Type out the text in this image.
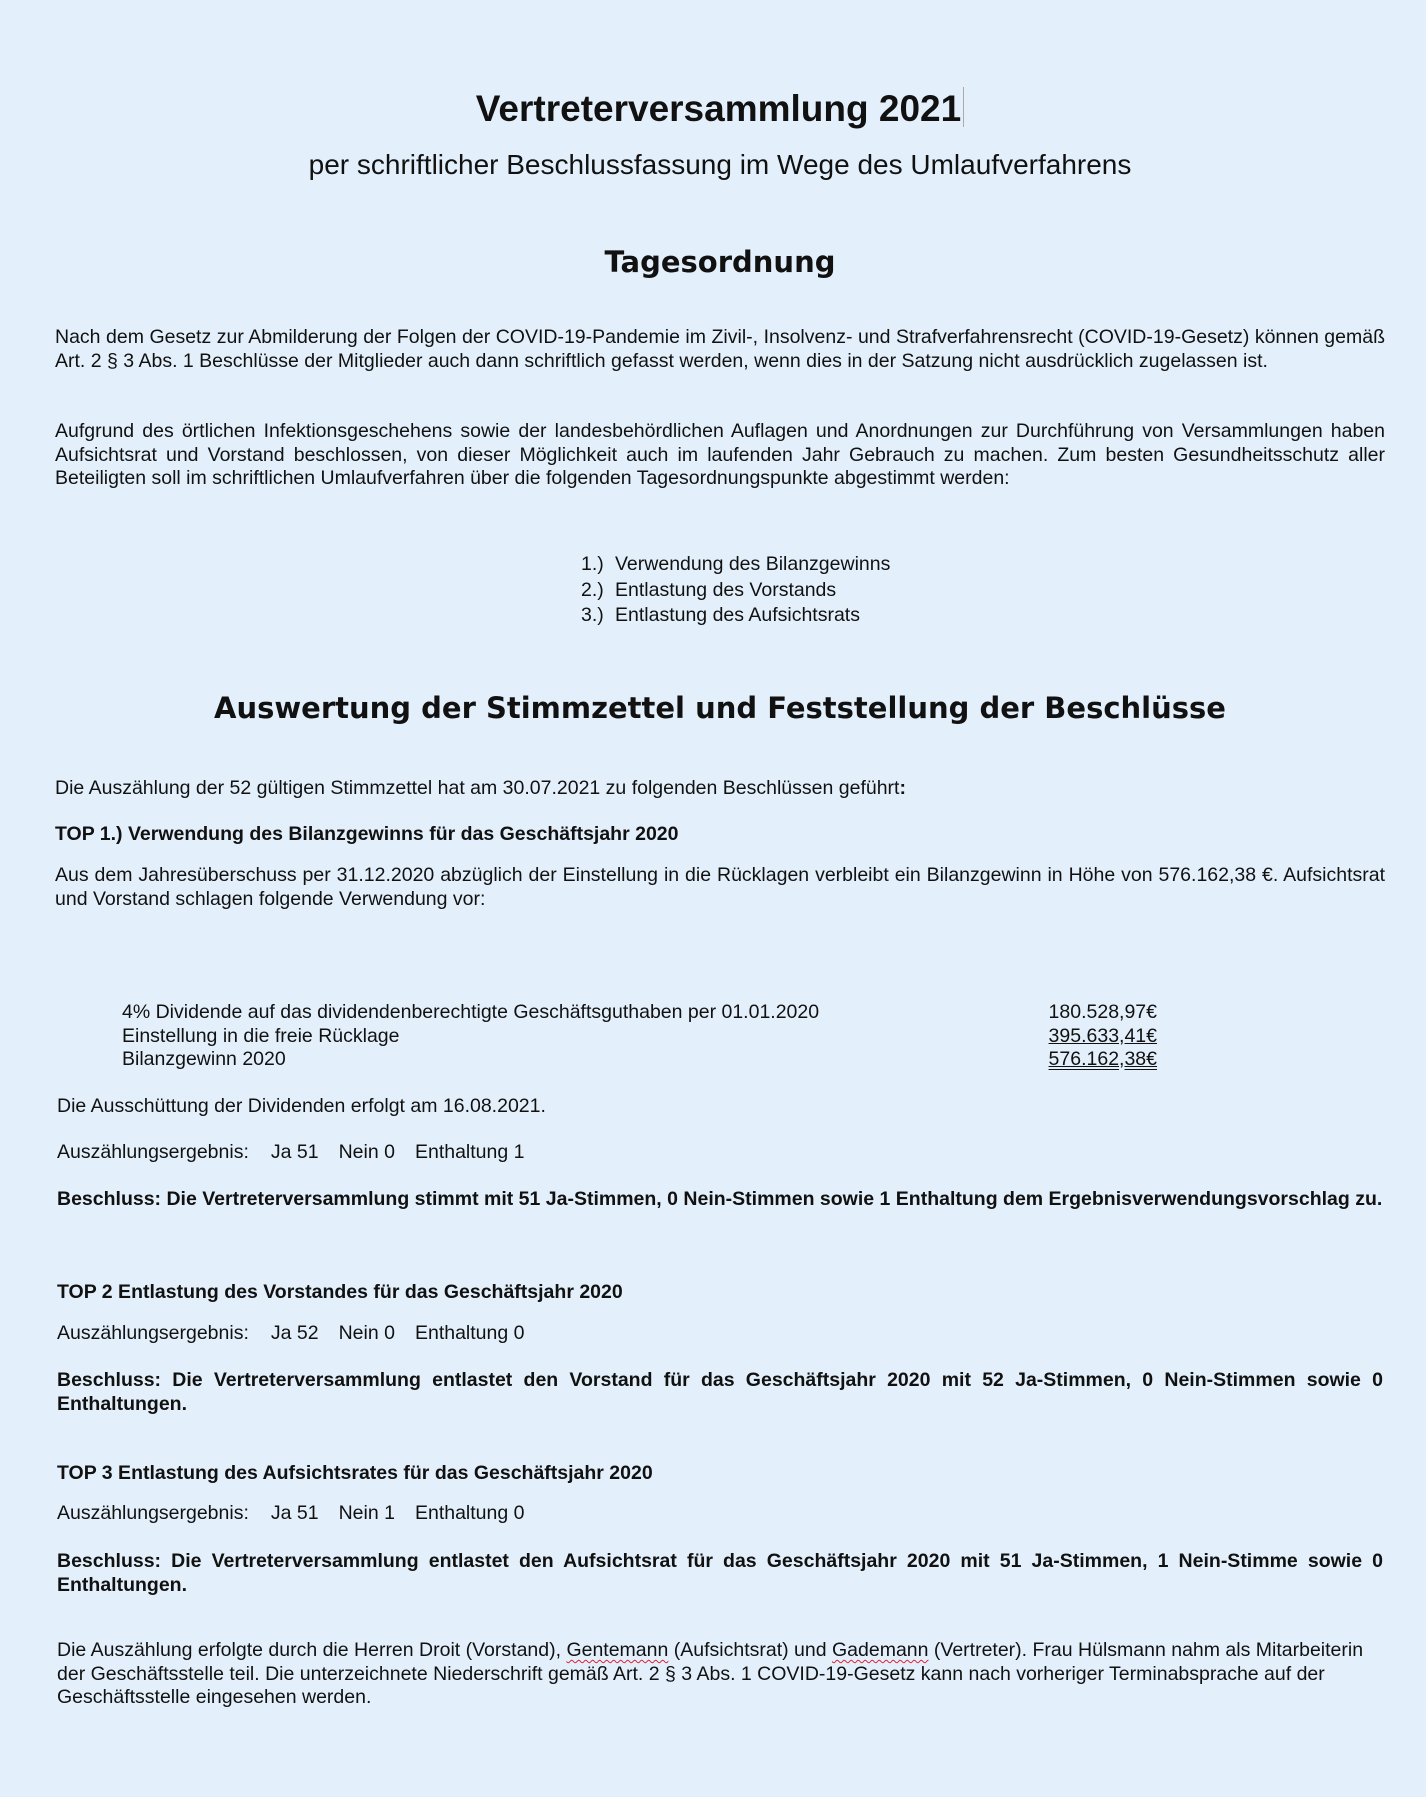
Vertreterversammlung 2021
per schriftlicher Beschlussfassung im Wege des Umlaufverfahrens
Tagesordnung

Nach dem Gesetz zur Abmilderung der Folgen der COVID-19-Pandemie im Zivil-, Insolvenz- und Strafverfahrensrecht (COVID-19-Gesetz) können gemäß Art. 2 § 3 Abs. 1 Beschlüsse der Mitglieder auch dann schriftlich gefasst werden, wenn dies in der Satzung nicht ausdrücklich zugelassen ist.

Aufgrund des örtlichen Infektionsgeschehens sowie der landesbehördlichen Auflagen und Anordnungen zur Durchführung von Versammlungen haben Aufsichtsrat und Vorstand beschlossen, von dieser Möglichkeit auch im laufenden Jahr Gebrauch zu machen. Zum besten Gesundheitsschutz aller Beteiligten soll im schriftlichen Umlaufverfahren über die folgenden Tagesordnungspunkte abgestimmt werden:

1.) Verwendung des Bilanzgewinns
2.) Entlastung des Vorstands
3.) Entlastung des Aufsichtsrats
Auswertung der Stimmzettel und Feststellung der Beschlüsse
Die Auszählung der 52 gültigen Stimmzettel hat am 30.07.2021 zu folgenden Beschlüssen geführt:
TOP 1.) Verwendung des Bilanzgewinns für das Geschäftsjahr 2020

Aus dem Jahresüberschuss per 31.12.2020 abzüglich der Einstellung in die Rücklagen verbleibt ein Bilanzgewinn in Höhe von 576.162,38 €. Aufsichtsrat und Vorstand schlagen folgende Verwendung vor:

4% Dividende auf das dividendenberechtigte Geschäftsguthaben per 01.01.2020	180.528,97€
Einstellung in die freie Rücklage	395.633,41€
Bilanzgewinn 2020	576.162,38€
Die Ausschüttung der Dividenden erfolgt am 16.08.2021.
Auszählungsergebnis: Ja 51 Nein 0 Enthaltung 1

Beschluss: Die Vertreterversammlung stimmt mit 51 Ja-Stimmen, 0 Nein-Stimmen sowie 1 Enthaltung dem Ergebnisverwendungsvorschlag zu.

TOP 2 Entlastung des Vorstandes für das Geschäftsjahr 2020
Auszählungsergebnis: Ja 52 Nein 0 Enthaltung 0

Beschluss: Die Vertreterversammlung entlastet den Vorstand für das Geschäftsjahr 2020 mit 52 Ja-Stimmen, 0 Nein-Stimmen sowie 0 Enthaltungen.

TOP 3 Entlastung des Aufsichtsrates für das Geschäftsjahr 2020
Auszählungsergebnis: Ja 51 Nein 1 Enthaltung 0

Beschluss: Die Vertreterversammlung entlastet den Aufsichtsrat für das Geschäftsjahr 2020 mit 51 Ja-Stimmen, 1 Nein-Stimme sowie 0 Enthaltungen.

Die Auszählung erfolgte durch die Herren Droit (Vorstand), Gentemann (Aufsichtsrat) und Gademann (Vertreter). Frau Hülsmann nahm als Mitarbeiterin der Geschäftsstelle teil. Die unterzeichnete Niederschrift gemäß Art. 2 § 3 Abs. 1 COVID-19-Gesetz kann nach vorheriger Terminabsprache auf der Geschäftsstelle eingesehen werden.
